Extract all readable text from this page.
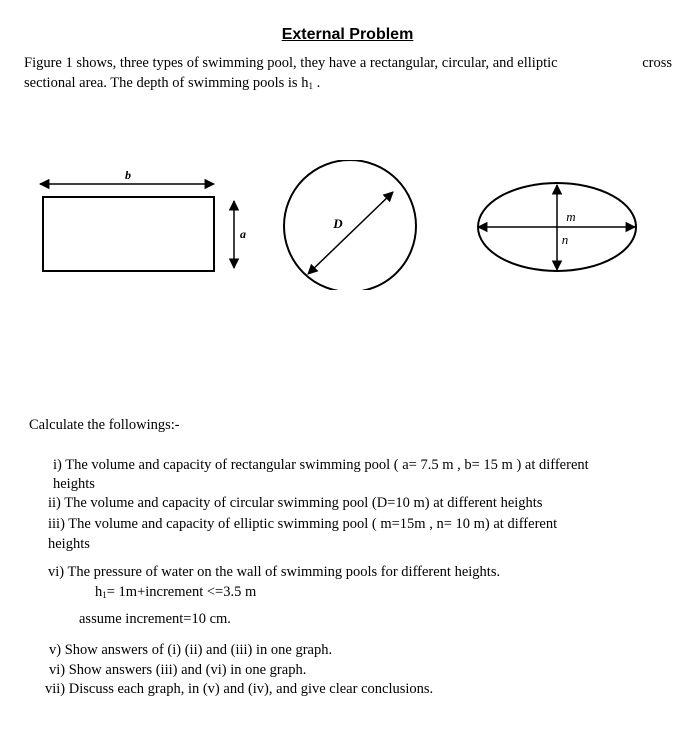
External Problem
Figure 1 shows, three types of swimming pool, they have a rectangular, circular, and elliptic	cross
sectional area. The depth of swimming pools is $h_1$ .
b
a
D	m
n
Calculate the followings:-
i) The volume and capacity of rectangular swimming pool ( a= 7.5 m , b= 15 m ) at different
heights
ii) The volume and capacity of circular swimming pool (D=10 m) at different heights
iii) The volume and capacity of elliptic swimming pool ( m=15m , n= 10 m) at different
heights
vi) The pressure of water on the wall of swimming pools for different heights.
$h_1=$ 1m+increment <=3.5 m
assume increment=10 cm.
v) Show answers of (i) (ii) and (iii) in one graph.
vi) Show answers (iii) and (vi) in one graph.
vii) Discuss each graph, in (v) and (iv), and give clear conclusions.
